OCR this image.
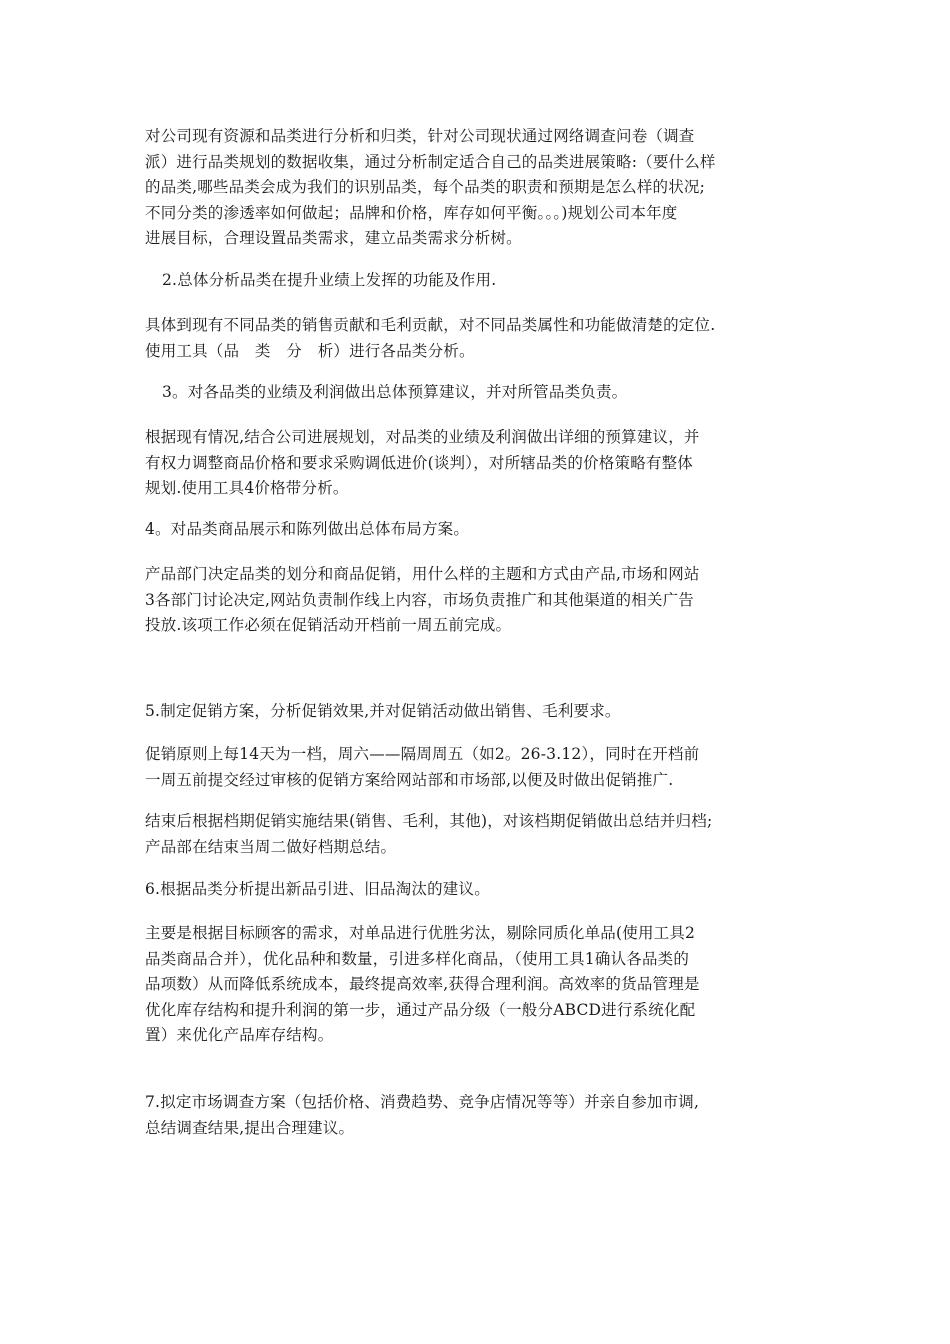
对公司现有资源和品类进行分析和归类，针对公司现状通过网络调查问卷（调查
派）进行品类规划的数据收集，通过分析制定适合自己的品类进展策略:（要什么样
的品类,哪些品类会成为我们的识别品类，每个品类的职责和预期是怎么样的状况;
不同分类的渗透率如何做起；品牌和价格，库存如何平衡。。。)规划公司本年度
进展目标，合理设置品类需求，建立品类需求分析树。
2.总体分析品类在提升业绩上发挥的功能及作用.
具体到现有不同品类的销售贡献和毛利贡献，对不同品类属性和功能做清楚的定位.
使用工具（品　类　分　析）进行各品类分析。
3。对各品类的业绩及利润做出总体预算建议，并对所管品类负责。
根据现有情况,结合公司进展规划，对品类的业绩及利润做出详细的预算建议，并
有权力调整商品价格和要求采购调低进价(谈判），对所辖品类的价格策略有整体
规划.使用工具4价格带分析。
4。对品类商品展示和陈列做出总体布局方案。
产品部门决定品类的划分和商品促销，用什么样的主题和方式由产品,市场和网站
3各部门讨论决定,网站负责制作线上内容，市场负责推广和其他渠道的相关广告
投放.该项工作必须在促销活动开档前一周五前完成。
5.制定促销方案，分析促销效果,并对促销活动做出销售、毛利要求。
促销原则上每14天为一档，周六——隔周周五（如2。26-3.12），同时在开档前
一周五前提交经过审核的促销方案给网站部和市场部,以便及时做出促销推广.
结束后根据档期促销实施结果(销售、毛利，其他)，对该档期促销做出总结并归档;
产品部在结束当周二做好档期总结。
6.根据品类分析提出新品引进、旧品淘汰的建议。
主要是根据目标顾客的需求，对单品进行优胜劣汰，剔除同质化单品(使用工具2
品类商品合并），优化品种和数量，引进多样化商品，（使用工具1确认各品类的
品项数）从而降低系统成本，最终提高效率,获得合理利润。高效率的货品管理是
优化库存结构和提升利润的第一步，通过产品分级（一般分ABCD进行系统化配
置）来优化产品库存结构。
7.拟定市场调查方案（包括价格、消费趋势、竞争店情况等等）并亲自参加市调,
总结调查结果,提出合理建议。
